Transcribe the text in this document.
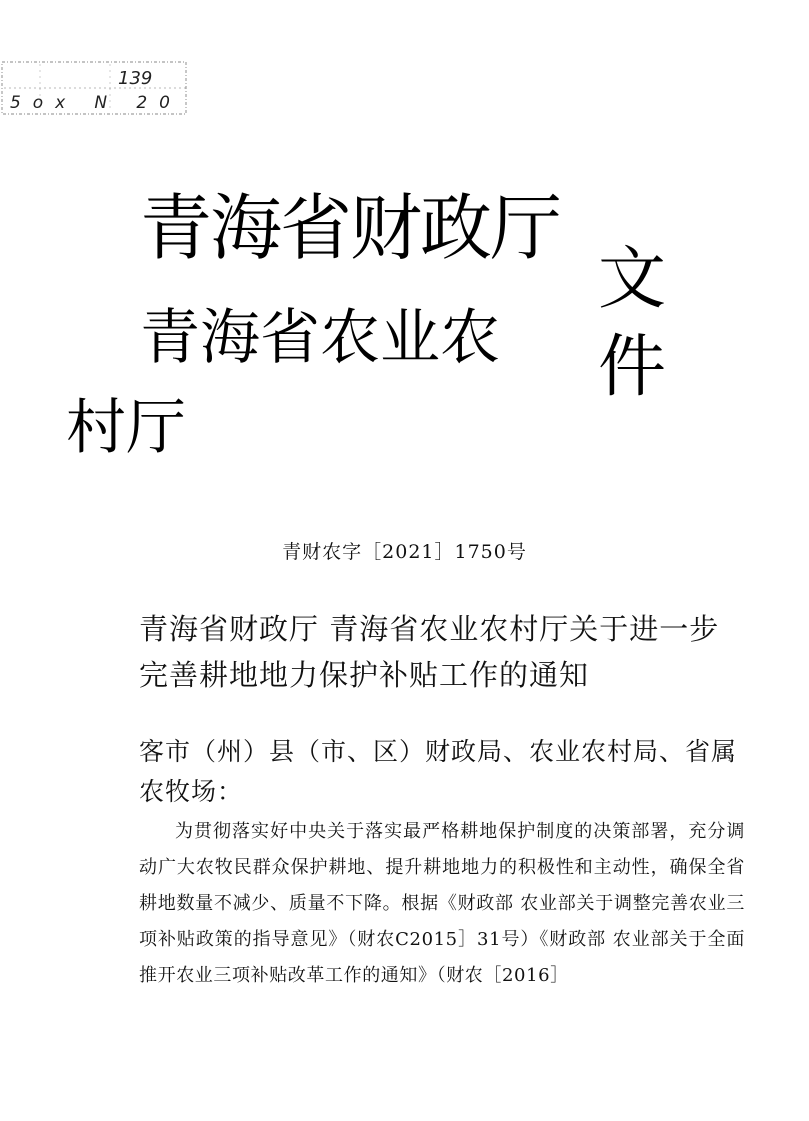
139
5ox N 20
青海省财政厅
青海省农业农
村厅
文
件
青财农字［2021］1750号
青海省财政厅 青海省农业农村厅关于进一步完善耕地地力保护补贴工作的通知
客市（州）县（市、区）财政局、农业农村局、省属农牧场：
为贯彻落实好中央关于落实最严格耕地保护制度的决策部署，充分调动广大农牧民群众保护耕地、提升耕地地力的积极性和主动性，确保全省耕地数量不减少、质量不下降。根据《财政部 农业部关于调整完善农业三项补贴政策的指导意见》（财农C2015］31号）《财政部 农业部关于全面推开农业三项补贴改革工作的通知》（财农［2016］
